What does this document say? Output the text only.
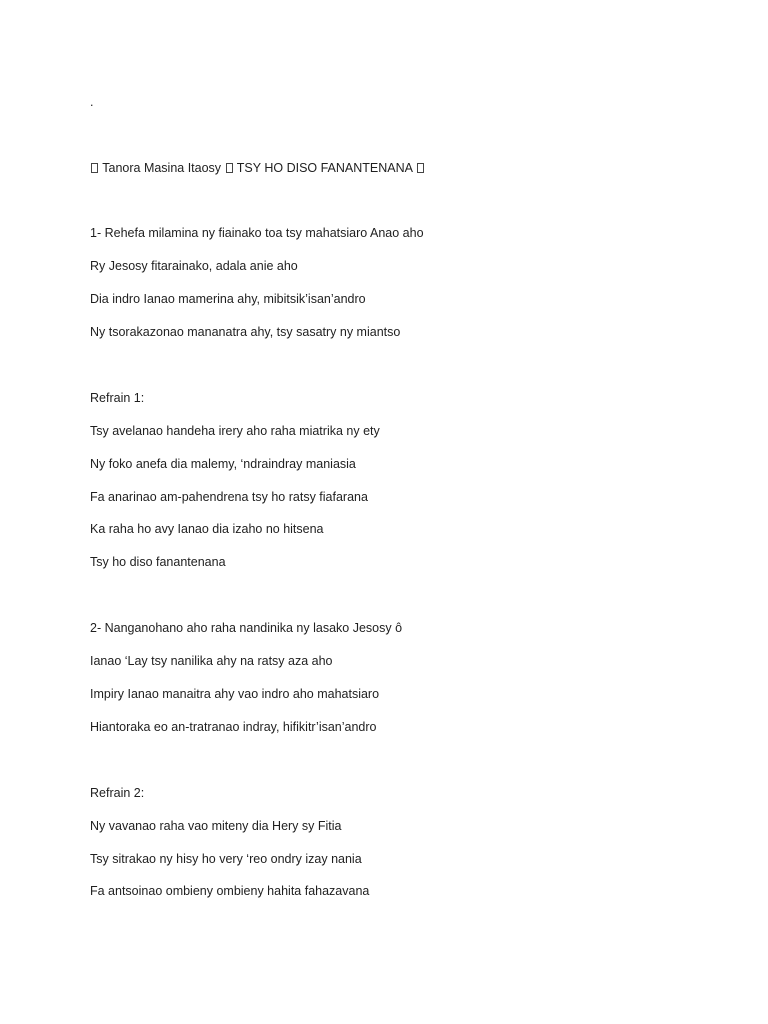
.
Tanora Masina Itaosy TSY HO DISO FANANTENANA
1- Rehefa milamina ny fiainako toa tsy mahatsiaro Anao aho
Ry Jesosy fitarainako, adala anie aho
Dia indro Ianao mamerina ahy, mibitsik’isan’andro
Ny tsorakazonao mananatra ahy, tsy sasatry ny miantso
Refrain 1:
Tsy avelanao handeha irery aho raha miatrika ny ety
Ny foko anefa dia malemy, ‘ndraindray maniasia
Fa anarinao am-pahendrena tsy ho ratsy fiafarana
Ka raha ho avy Ianao dia izaho no hitsena
Tsy ho diso fanantenana
2- Nanganohano aho raha nandinika ny lasako Jesosy ô
Ianao ‘Lay tsy nanilika ahy na ratsy aza aho
Impiry Ianao manaitra ahy vao indro aho mahatsiaro
Hiantoraka eo an-tratranao indray, hifikitr’isan’andro
Refrain 2:
Ny vavanao raha vao miteny dia Hery sy Fitia
Tsy sitrakao ny hisy ho very ‘reo ondry izay nania
Fa antsoinao ombieny ombieny hahita fahazavana
